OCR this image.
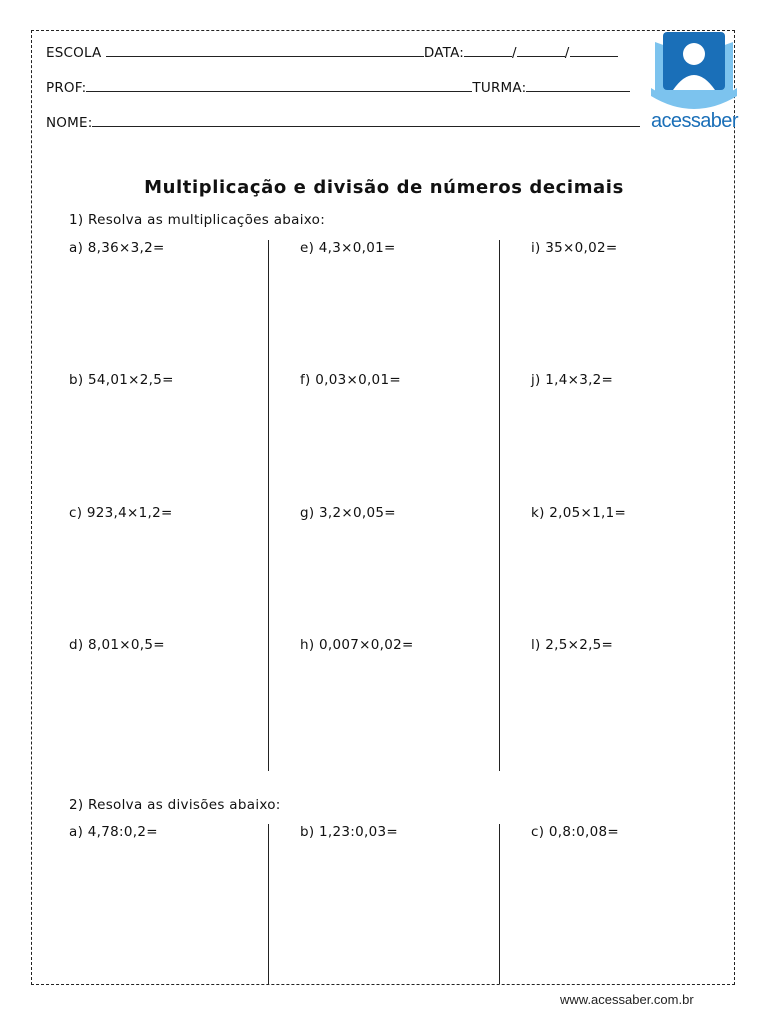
ESCOLA	DATA:	/	/
PROF:	TURMA:
NOME:	acessaber
Multiplicação e divisão de números decimais
1) Resolva as multiplicações abaixo:
a) 8,36×3,2=	e) 4,3×0,01=	i) 35×0,02=
b) 54,01×2,5=	f) 0,03×0,01=	j) 1,4×3,2=
c) 923,4×1,2=	g) 3,2×0,05=	k) 2,05×1,1=
d) 8,01×0,5=	h) 0,007×0,02=	l) 2,5×2,5=
2) Resolva as divisões abaixo:
a) 4,78:0,2=	b) 1,23:0,03=	c) 0,8:0,08=
www.acessaber.com.br
